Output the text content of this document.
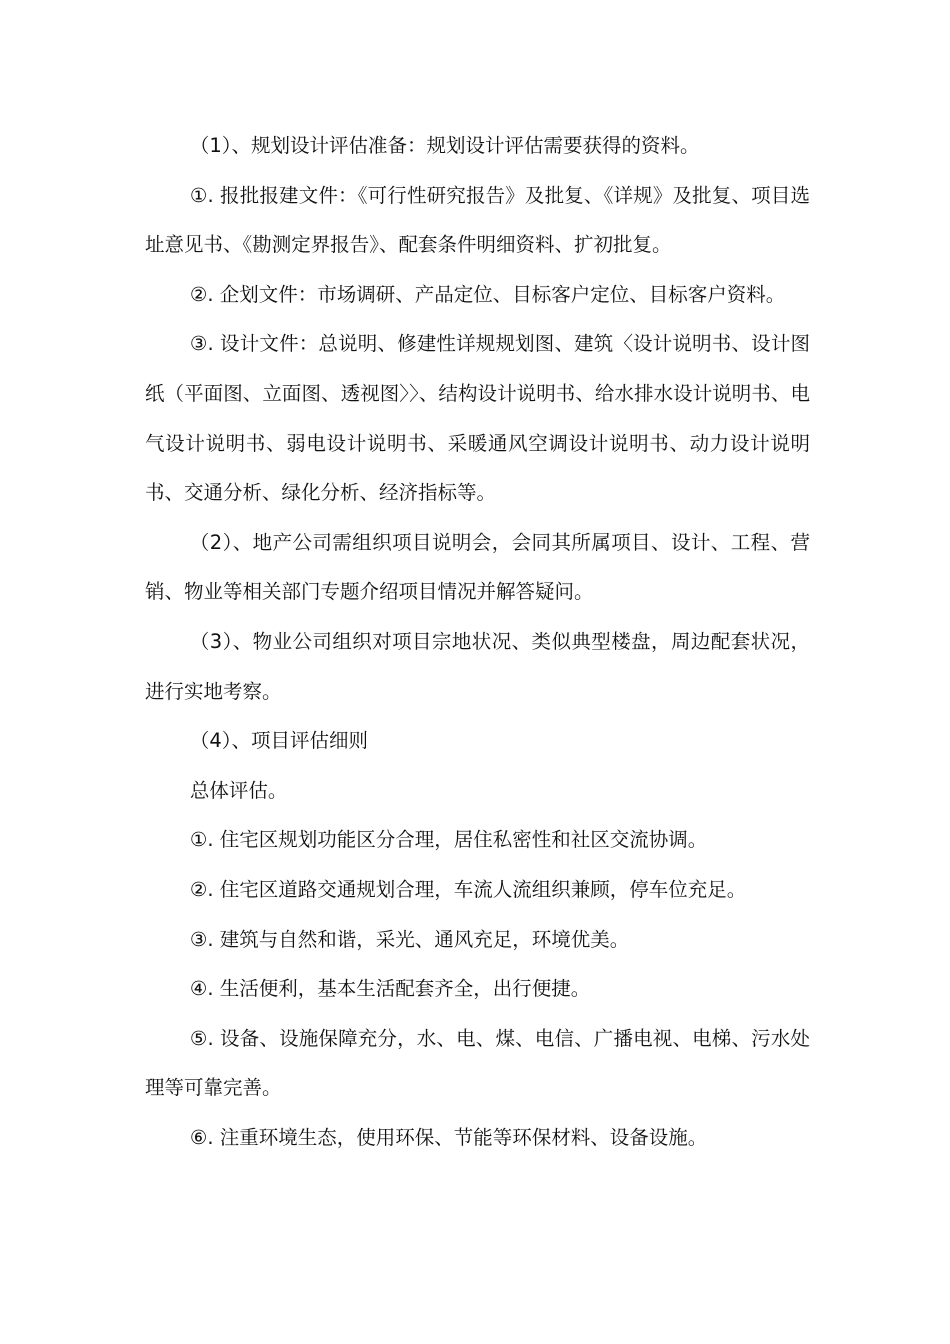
（1）、规划设计评估准备：规划设计评估需要获得的资料。

①. 报批报建文件：《可行性研究报告》及批复、《详规》及批复、项目选址意见书、《勘测定界报告》、配套条件明细资料、扩初批复。

②. 企划文件：市场调研、产品定位、目标客户定位、目标客户资料。

③. 设计文件：总说明、修建性详规规划图、建筑〈设计说明书、设计图纸（平面图、立面图、透视图〉〉、结构设计说明书、给水排水设计说明书、电气设计说明书、弱电设计说明书、采暖通风空调设计说明书、动力设计说明书、交通分析、绿化分析、经济指标等。

（2）、地产公司需组织项目说明会，会同其所属项目、设计、工程、营销、物业等相关部门专题介绍项目情况并解答疑问。

（3）、物业公司组织对项目宗地状况、类似典型楼盘，周边配套状况，进行实地考察。

（4）、项目评估细则

总体评估。

①. 住宅区规划功能区分合理，居住私密性和社区交流协调。

②. 住宅区道路交通规划合理，车流人流组织兼顾，停车位充足。

③. 建筑与自然和谐，采光、通风充足，环境优美。

④. 生活便利，基本生活配套齐全，出行便捷。

⑤. 设备、设施保障充分，水、电、煤、电信、广播电视、电梯、污水处理等可靠完善。

⑥. 注重环境生态，使用环保、节能等环保材料、设备设施。
